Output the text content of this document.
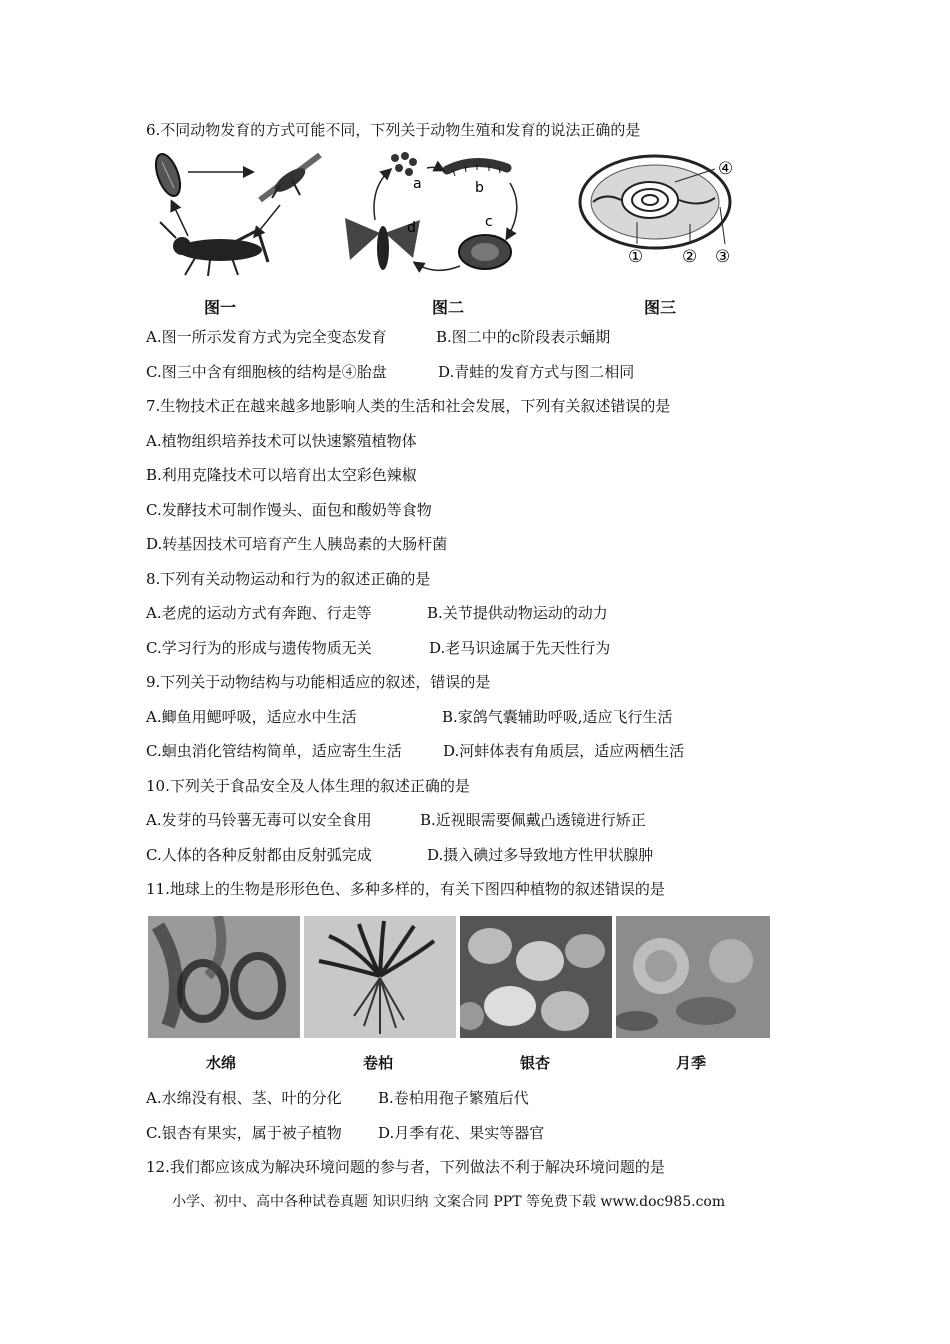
6.不同动物发育的方式可能不同，下列关于动物生殖和发育的说法正确的是
图一
a	b
c
d
图二
① ② ③
④
图三
A.图一所示发育方式为完全变态发育	B.图二中的c阶段表示蛹期
C.图三中含有细胞核的结构是④胎盘	D.青蛙的发育方式与图二相同
7.生物技术正在越来越多地影响人类的生活和社会发展，下列有关叙述错误的是
A.植物组织培养技术可以快速繁殖植物体
B.利用克隆技术可以培育出太空彩色辣椒
C.发酵技术可制作馒头、面包和酸奶等食物
D.转基因技术可培育产生人胰岛素的大肠杆菌
8.下列有关动物运动和行为的叙述正确的是
A.老虎的运动方式有奔跑、行走等	B.关节提供动物运动的动力
C.学习行为的形成与遗传物质无关	D.老马识途属于先天性行为
9.下列关于动物结构与功能相适应的叙述，错误的是
A.鲫鱼用鳃呼吸，适应水中生活	B.家鸽气囊辅助呼吸,适应飞行生活
C.蛔虫消化管结构简单，适应寄生生活	D.河蚌体表有角质层，适应两栖生活
10.下列关于食品安全及人体生理的叙述正确的是
A.发芽的马铃薯无毒可以安全食用	B.近视眼需要佩戴凸透镜进行矫正
C.人体的各种反射都由反射弧完成	D.摄入碘过多导致地方性甲状腺肿
11.地球上的生物是形形色色、多种多样的，有关下图四种植物的叙述错误的是
水绵	卷柏	银杏	月季
A.水绵没有根、茎、叶的分化 B.卷柏用孢子繁殖后代
C.银杏有果实，属于被子植物 D.月季有花、果实等器官
12.我们都应该成为解决环境问题的参与者，下列做法不利于解决环境问题的是
小学、初中、高中各种试卷真题 知识归纳 文案合同 PPT 等免费下载 www.doc985.com
